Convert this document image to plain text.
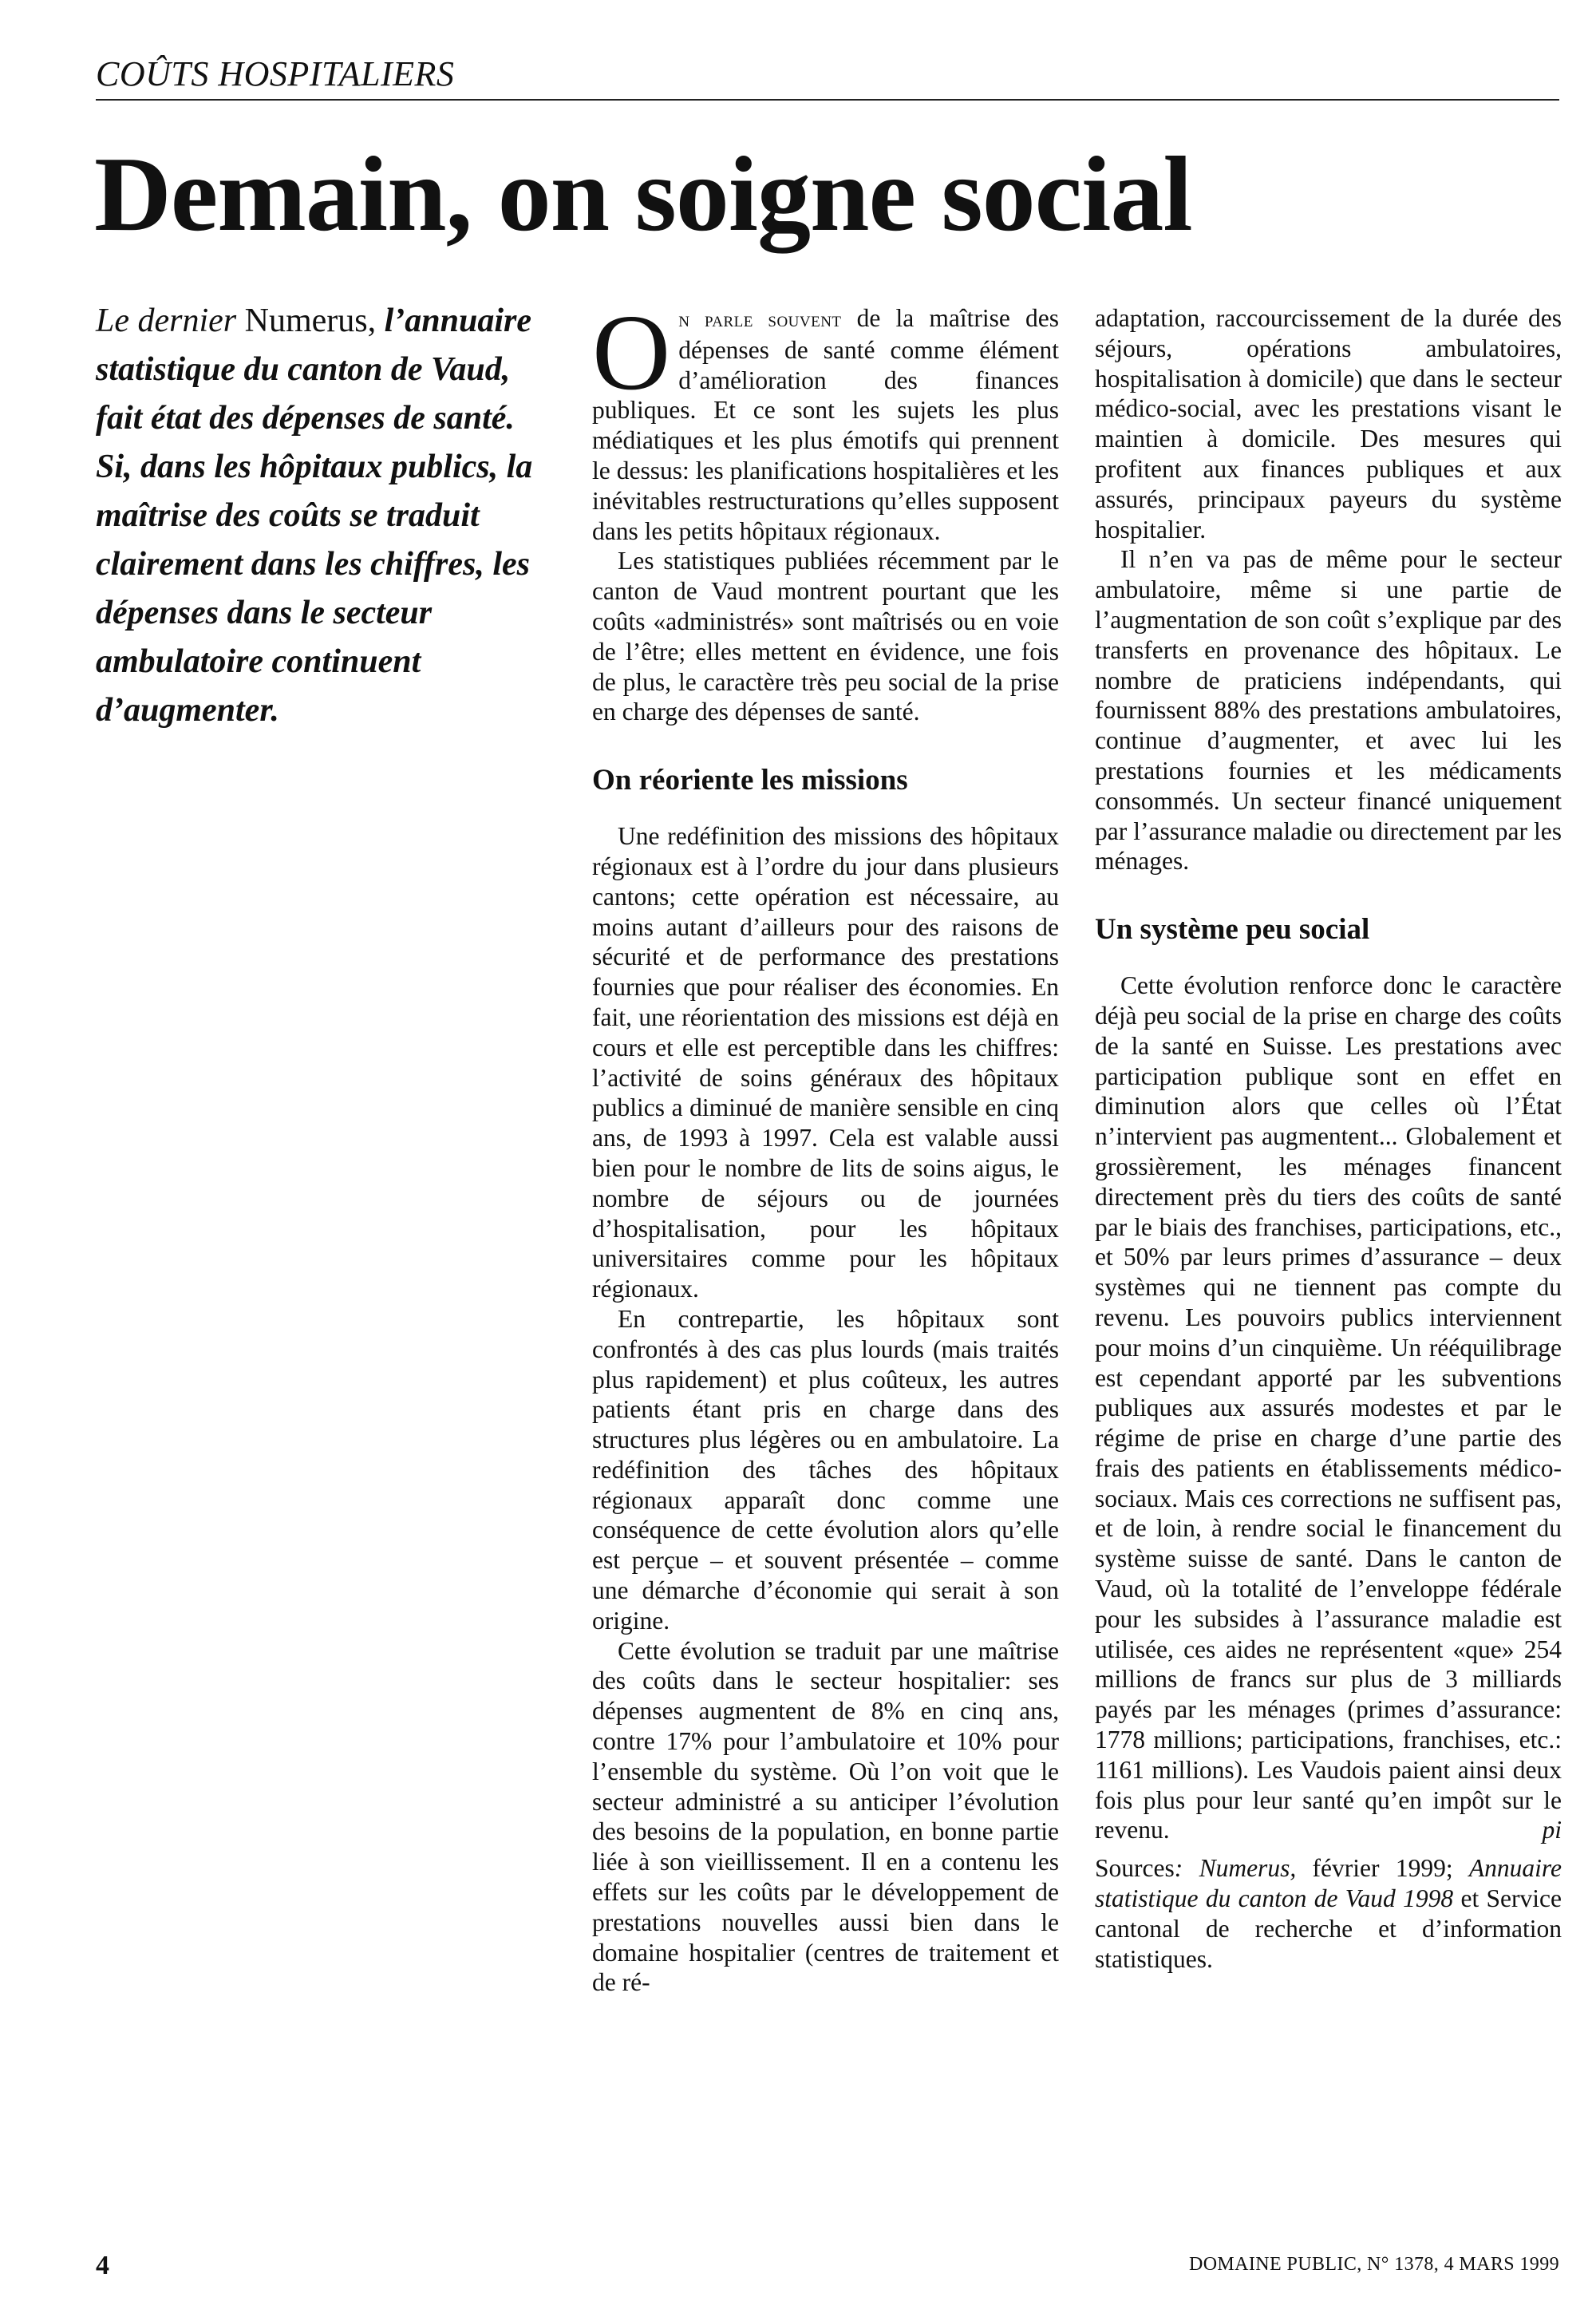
COÛTS HOSPITALIERS
Demain, on soigne social

Le dernier Numerus, l’annuaire statistique du canton de Vaud, fait état des dépenses de santé. Si, dans les hôpitaux publics, la maîtrise des coûts se traduit clairement dans les chiffres, les dépenses dans le secteur ambulatoire continuent d’augmenter.

On parle souvent de la maîtrise des dépenses de santé comme élément d’amélioration des finances publiques. Et ce sont les sujets les plus médiatiques et les plus émotifs qui prennent le dessus: les planifications hospitalières et les inévitables restructurations qu’elles supposent dans les petits hôpitaux régionaux.

Les statistiques publiées récemment par le canton de Vaud montrent pourtant que les coûts «administrés» sont maîtrisés ou en voie de l’être; elles mettent en évidence, une fois de plus, le caractère très peu social de la prise en charge des dépenses de santé.

On réoriente les missions

Une redéfinition des missions des hôpitaux régionaux est à l’ordre du jour dans plusieurs cantons; cette opération est nécessaire, au moins autant d’ailleurs pour des raisons de sécurité et de performance des prestations fournies que pour réaliser des économies. En fait, une réorientation des missions est déjà en cours et elle est perceptible dans les chiffres: l’activité de soins généraux des hôpitaux publics a diminué de manière sensible en cinq ans, de 1993 à 1997. Cela est valable aussi bien pour le nombre de lits de soins aigus, le nombre de séjours ou de journées d’hospitalisation, pour les hôpitaux universitaires comme pour les hôpitaux régionaux.

En contrepartie, les hôpitaux sont confrontés à des cas plus lourds (mais traités plus rapidement) et plus coûteux, les autres patients étant pris en charge dans des structures plus légères ou en ambulatoire. La redéfinition des tâches des hôpitaux régionaux apparaît donc comme une conséquence de cette évolution alors qu’elle est perçue – et souvent présentée – comme une démarche d’économie qui serait à son origine.

Cette évolution se traduit par une maîtrise des coûts dans le secteur hospitalier: ses dépenses augmentent de 8% en cinq ans, contre 17% pour l’ambulatoire et 10% pour l’ensemble du système. Où l’on voit que le secteur administré a su anticiper l’évolution des besoins de la population, en bonne partie liée à son vieillissement. Il en a contenu les effets sur les coûts par le développement de prestations nouvelles aussi bien dans le domaine hospitalier (centres de traitement et de ré-

adaptation, raccourcissement de la durée des séjours, opérations ambulatoires, hospitalisation à domicile) que dans le secteur médico-social, avec les prestations visant le maintien à domicile. Des mesures qui profitent aux finances publiques et aux assurés, principaux payeurs du système hospitalier.

Il n’en va pas de même pour le secteur ambulatoire, même si une partie de l’augmentation de son coût s’explique par des transferts en provenance des hôpitaux. Le nombre de praticiens indépendants, qui fournissent 88% des prestations ambulatoires, continue d’augmenter, et avec lui les prestations fournies et les médicaments consommés. Un secteur financé uniquement par l’assurance maladie ou directement par les ménages.

Un système peu social

Cette évolution renforce donc le caractère déjà peu social de la prise en charge des coûts de la santé en Suisse. Les prestations avec participation publique sont en effet en diminution alors que celles où l’État n’intervient pas augmentent... Globalement et grossièrement, les ménages financent directement près du tiers des coûts de santé par le biais des franchises, participations, etc., et 50% par leurs primes d’assurance – deux systèmes qui ne tiennent pas compte du revenu. Les pouvoirs publics interviennent pour moins d’un cinquième. Un rééquilibrage est cependant apporté par les subventions publiques aux assurés modestes et par le régime de prise en charge d’une partie des frais des patients en établissements médico-sociaux. Mais ces corrections ne suffisent pas, et de loin, à rendre social le financement du système suisse de santé. Dans le canton de Vaud, où la totalité de l’enveloppe fédérale pour les subsides à l’assurance maladie est utilisée, ces aides ne représentent «que» 254 millions de francs sur plus de 3 milliards payés par les ménages (primes d’assurance: 1778 millions; participations, franchises, etc.: 1161 millions). Les Vaudois paient ainsi deux fois plus pour leur santé qu’en impôt sur le revenu.	pi

Sources: Numerus, février 1999; Annuaire statistique du canton de Vaud 1998 et Service cantonal de recherche et d’information statistiques.

4	DOMAINE PUBLIC, N° 1378, 4 MARS 1999
